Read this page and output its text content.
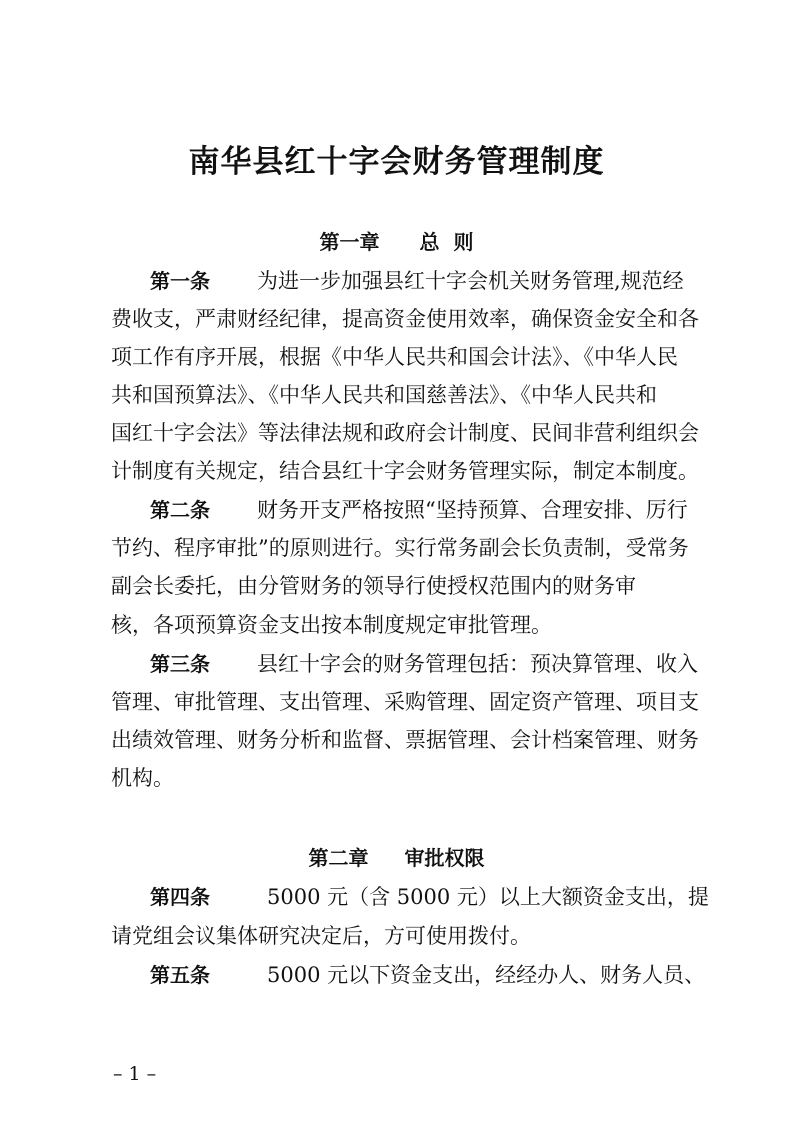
南华县红十字会财务管理制度
第一章 总  则
第一条 为进一步加强县红十字会机关财务管理,规范经
费收支，严肃财经纪律，提高资金使用效率，确保资金安全和各
项工作有序开展，根据《中华人民共和国会计法》、《中华人民
共和国预算法》、《中华人民共和国慈善法》、《中华人民共和
国红十字会法》等法律法规和政府会计制度、民间非营利组织会
计制度有关规定，结合县红十字会财务管理实际，制定本制度。
第二条 财务开支严格按照“坚持预算、合理安排、厉行
节约、程序审批”的原则进行。实行常务副会长负责制，受常务
副会长委托，由分管财务的领导行使授权范围内的财务审
核，各项预算资金支出按本制度规定审批管理。
第三条 县红十字会的财务管理包括：预决算管理、收入
管理、审批管理、支出管理、采购管理、固定资产管理、项目支
出绩效管理、财务分析和监督、票据管理、会计档案管理、财务
机构。
第二章 审批权限
第四条	5000 元（含 5000 元）以上大额资金支出，提
请党组会议集体研究决定后，方可使用拨付。
第五条	5000 元以下资金支出，经经办人、财务人员、
– 1 –
